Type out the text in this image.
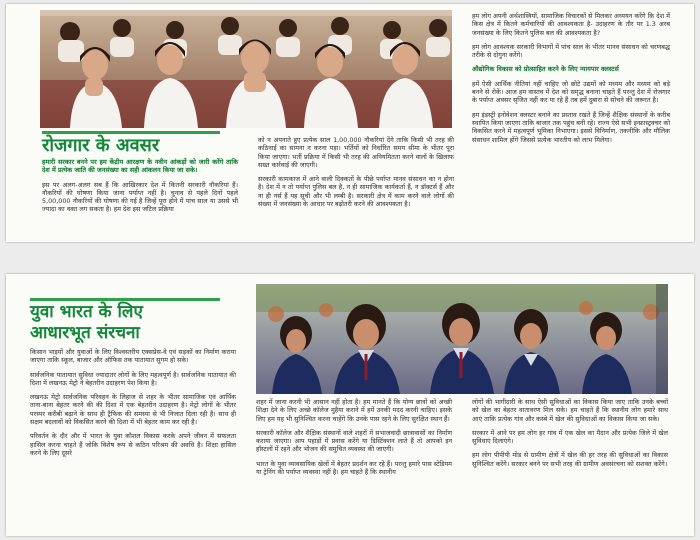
रोजगार के अवसर

हमारी सरकार बनने पर हम केंद्रीय आरक्षण के नवीन आंकड़ों को जारी करेंगे ताकि देश में प्रत्येक जाति की जनसंख्या का सही आंकलन किया जा सके।

इस पर अलग-अलग सब हैं कि आखिरकार देश में कितनी सरकारी नौकरियां हैं। नौकरियों की घोषणा किया जाना पर्याप्त नहीं है। चुनाव से पहले दिनों पहले 5,00,000 नौकरियों की घोषणा की गई है जिन्हें पूरा होने में पांच साल या उससे भी ज्यादा का वक्त लग सकता है। हम देश इस जटिल प्रक्रिया

को न अपनाते हुए प्रत्येक साल 1,00,000 नौकरियां देंगे ताकि किसी भी तरह की कठिनाई का सामना न करना पड़ा। भर्तियों को निर्धारित समय सीमा के भीतर पूरा किया जाएगा। भर्ती प्रक्रिया में किसी भी तरह की अनियमितता करने वालों के खिलाफ सख्त कार्रवाई की जाएगी।

सरकारी कामकाज में आने वाली दिक्कतों के पीछे पर्याप्त मानव संसाधन का न होना है। देश में न तो पर्याप्त पुलिस बल है, न ही सामाजिक कार्यकर्ता हैं, न डॉक्टर्स हैं और ना ही नर्स हैं यह सूची और भी लम्बी है। सरकारी क्षेत्र में काम करने वाले लोगों की संख्या में जनसंख्या के आधार पर बढ़ोतरी करने की आवश्यकता है।

हम लोग अपनी अर्थशास्त्रियों, सामाजिक विचारकों से मिलकर अध्ययन करेंगे कि देश में किस क्षेत्र में कितने कर्मचारियों की आवश्यकता है- उदाहरण के तौर पर 1.3 अरब जनसंख्या के लिए कितने पुलिस बल की आवश्यकता है?

हम लोग आवश्यक सरकारी विभागों में पांच साल के भीतर मानव संसाधन को चरणबद्ध तरीके से दोगुना करेंगे।

औद्योगिक विकास को प्रोत्साहित करने के लिए न्यायपार क्लस्टर्स

हमें ऐसी आर्थिक नीतियां नहीं चाहिए जो छोटे उद्यमों को मध्यम और मध्यम को बड़े बनने से रोकें। आज हम वास्तव में देश को समृद्ध बनाना चाहते हैं परन्तु देश में रोजगार के पर्याप्त अवसर सृजित नहीं कर पा रहे हैं तब हमें दुबारा से सोचने की जरूरत है।

हम इंडस्ट्री इनोवेशन क्लस्टर बनाने का प्रस्ताव रखते हैं जिन्हें शैक्षिक संस्थानों के करीब स्थापित किया जाएगा ताकि बाजार तक पहुंच बनी रहे। राज्य ऐसे सभी इन्फ्रास्ट्रक्चर को विकसित करने में महत्वपूर्ण भूमिका निभाएगा। इससे विनिर्माण, तकनीकि और मौलिक संसाधन शामिल होंगे जिससे प्रत्येक भारतीय को लाभ मिलेगा।

युवा भारत के लिए
आधारभूत संरचना

किसान भाइयों और युवाओं के लिए विश्वस्तरीय एक्सप्रेस-वे एवं सड़कों का निर्माण कराया जाएगा ताकि स्कूल, बाजार और ऑफिस तक यातायात सुगम हो सके।

सार्वजनिक यातायात सुविधा ज्यादातर लोगों के लिए महत्वपूर्ण है। सार्वजनिक यातायात की दिशा में लखनऊ मेट्रो ने बेहतरीन उदाहरण पेश किया है।

लखनऊ मेट्रो सार्वजनिक परिवहन के लिहाज से शहर के भीतर सामाजिक एवं आर्थिक ताना-बाना बेहतर करने की की दिशा में एक बेहतरीन उदाहरण है। मेट्रो लोगों के भीतर परस्पर करीबी बढ़ाने के साथ ही ट्रैफिक की समस्या से भी निजात दिला रही है। साथ ही सक्षम बदलावों को विकसित करने की दिशा में भी बेहतर काम कर रही है।

परिवर्तन के दौर और में भारत के युवा कौशल विकास करके अपने जीवन में सफलता हासिल करना चाहते हैं जोकि विशेष रूप से कठिन परिश्रम की अवधि है। शिक्षा हासिल करने के लिए दूसरे

शहर में जाना करनी भी आसान नहीं होता है। हम मानते हैं कि योग्य छात्रों को अच्छी शिक्षा देने के लिए अच्छे कॉलेज मुहैया कराने में हमें उनकी मदद करनी चाहिए। इसके लिए हम यह भी सुनिश्चित करना चाहेंगे कि उनके पास रहने के लिए सुरक्षित स्थान हैं।

सरकारी कॉलेज और शैक्षिक संस्थानों वाले शहरों में सभाजवादी छात्रावासों का निर्माण कराया जाएगा। आप पहाड़ों में प्रवास करेंगे या डिस्टिंक्शन लाते हैं तो आपको इन हॉस्टलों में रहने और भोजन की समुचित व्यवस्था की जाएगी।

भारत के युवा व्यावसायिक खेलों में बेहतर प्रदर्शन कर रहे हैं। परन्तु हमारे पास स्टेडियम या ट्रेनिंग की पर्याप्त व्यवस्था नहीं है। हम चाहते हैं कि स्थानीय

लोगों की भागीदारी के साथ ऐसी सुविधाओं का विकास किया जाए ताकि उनके बच्चों को खेल का बेहतर वातावरण मिल सके। हम चाहते हैं कि स्थानीय लोग हमारे साथ आएं ताकि प्रत्येक गांव और कस्बे में खेल की सुविधाओं का विकास किया जा सके।

सरकार में आने पर हम लोग हर गांव में एक खेल का मैदान और प्रत्येक जिले में खेल सुविधाएं दिलाएंगे।

हम लोग पीपीपी मोड से ग्रामीण क्षेत्रों में खेल की हर तरह की सुविधाओं का विकास सुनिश्चित करेंगे। सरकार बनने पर सभी तरह की ग्रामीण अवसंरचना को सशक्त करेंगे।
